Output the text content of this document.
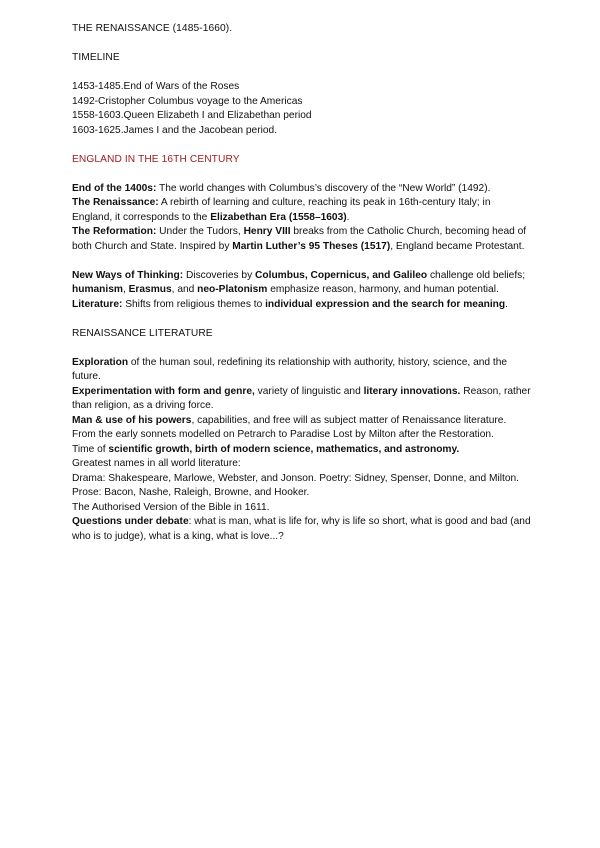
THE RENAISSANCE (1485-1660).

TIMELINE

1453-1485.End of Wars of the Roses

1492-Cristopher Columbus voyage to the Americas

1558-1603.Queen Elizabeth I and Elizabethan period

1603-1625.James I and the Jacobean period.

ENGLAND IN THE 16TH CENTURY

End of the 1400s: The world changes with Columbus’s discovery of the “New World” (1492).

The Renaissance: A rebirth of learning and culture, reaching its peak in 16th-century Italy; in England, it corresponds to the Elizabethan Era (1558–1603).

The Reformation: Under the Tudors, Henry VIII breaks from the Catholic Church, becoming head of both Church and State. Inspired by Martin Luther’s 95 Theses (1517), England became Protestant.

New Ways of Thinking: Discoveries by Columbus, Copernicus, and Galileo challenge old beliefs; humanism, Erasmus, and neo-Platonism emphasize reason, harmony, and human potential.

Literature: Shifts from religious themes to individual expression and the search for meaning.

RENAISSANCE LITERATURE

Exploration of the human soul, redefining its relationship with authority, history, science, and the future.

Experimentation with form and genre, variety of linguistic and literary innovations. Reason, rather than religion, as a driving force.

Man & use of his powers, capabilities, and free will as subject matter of Renaissance literature.

From the early sonnets modelled on Petrarch to Paradise Lost by Milton after the Restoration.

Time of scientific growth, birth of modern science, mathematics, and astronomy.

Greatest names in all world literature:

Drama: Shakespeare, Marlowe, Webster, and Jonson. Poetry: Sidney, Spenser, Donne, and Milton.

Prose: Bacon, Nashe, Raleigh, Browne, and Hooker.

The Authorised Version of the Bible in 1611.

Questions under debate: what is man, what is life for, why is life so short, what is good and bad (and who is to judge), what is a king, what is love...?
